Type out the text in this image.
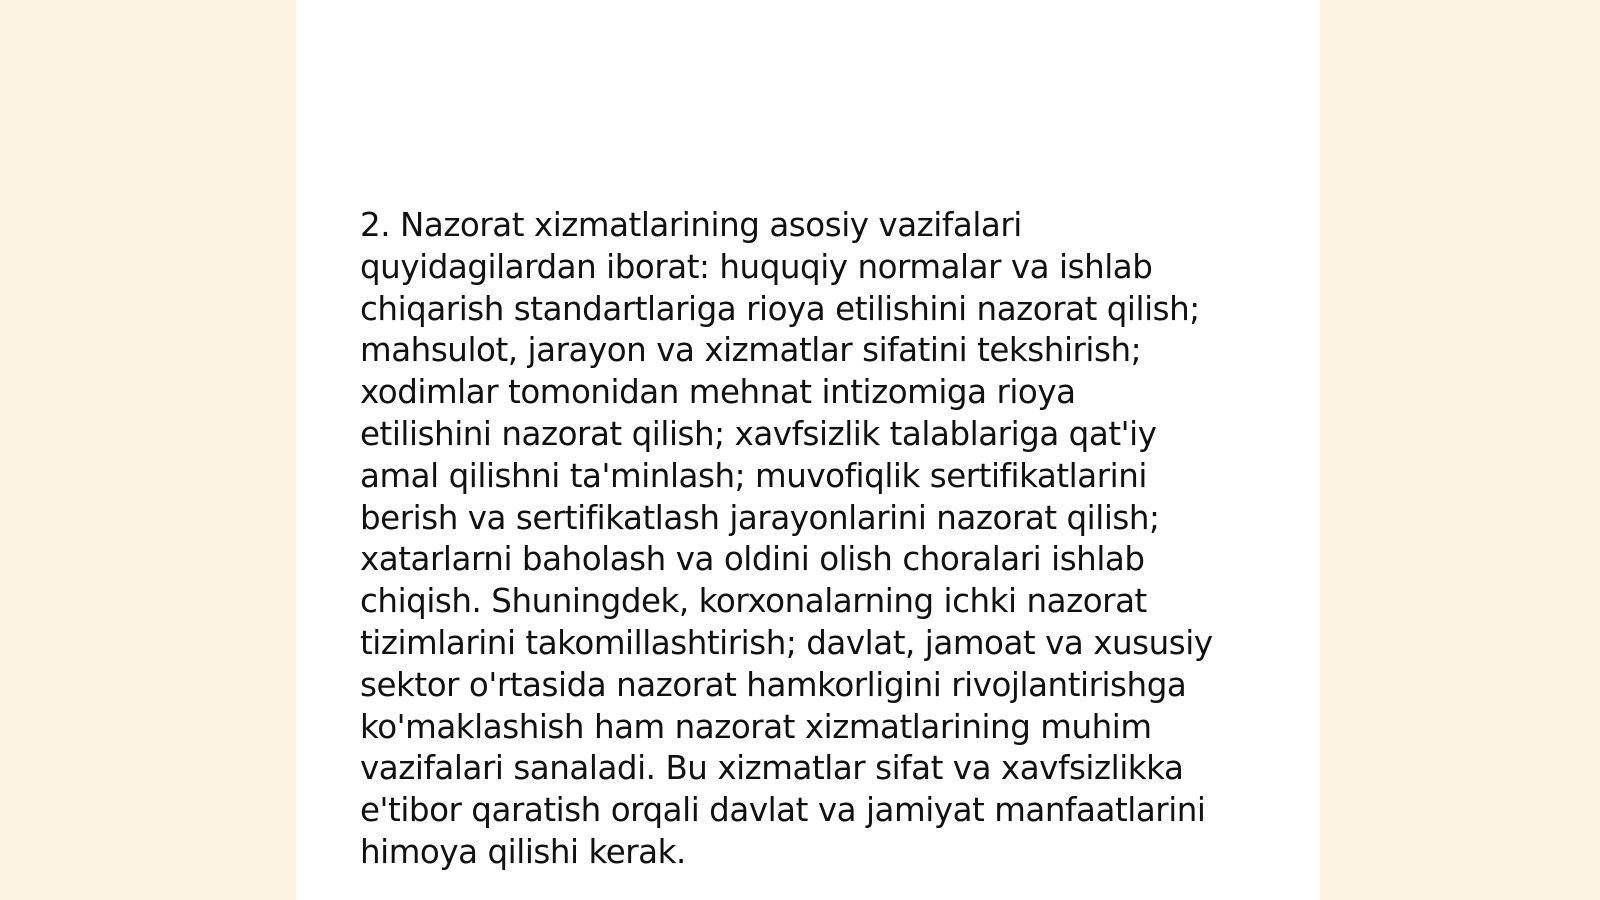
2. Nazorat xizmatlarining asosiy vazifalari
quyidagilardan iborat: huquqiy normalar va ishlab
chiqarish standartlariga rioya etilishini nazorat qilish;
mahsulot, jarayon va xizmatlar sifatini tekshirish;
xodimlar tomonidan mehnat intizomiga rioya
etilishini nazorat qilish; xavfsizlik talablariga qat'iy
amal qilishni ta'minlash; muvofiqlik sertifikatlarini
berish va sertifikatlash jarayonlarini nazorat qilish;
xatarlarni baholash va oldini olish choralari ishlab
chiqish. Shuningdek, korxonalarning ichki nazorat
tizimlarini takomillashtirish; davlat, jamoat va xususiy
sektor o'rtasida nazorat hamkorligini rivojlantirishga
ko'maklashish ham nazorat xizmatlarining muhim
vazifalari sanaladi. Bu xizmatlar sifat va xavfsizlikka
e'tibor qaratish orqali davlat va jamiyat manfaatlarini
himoya qilishi kerak.
